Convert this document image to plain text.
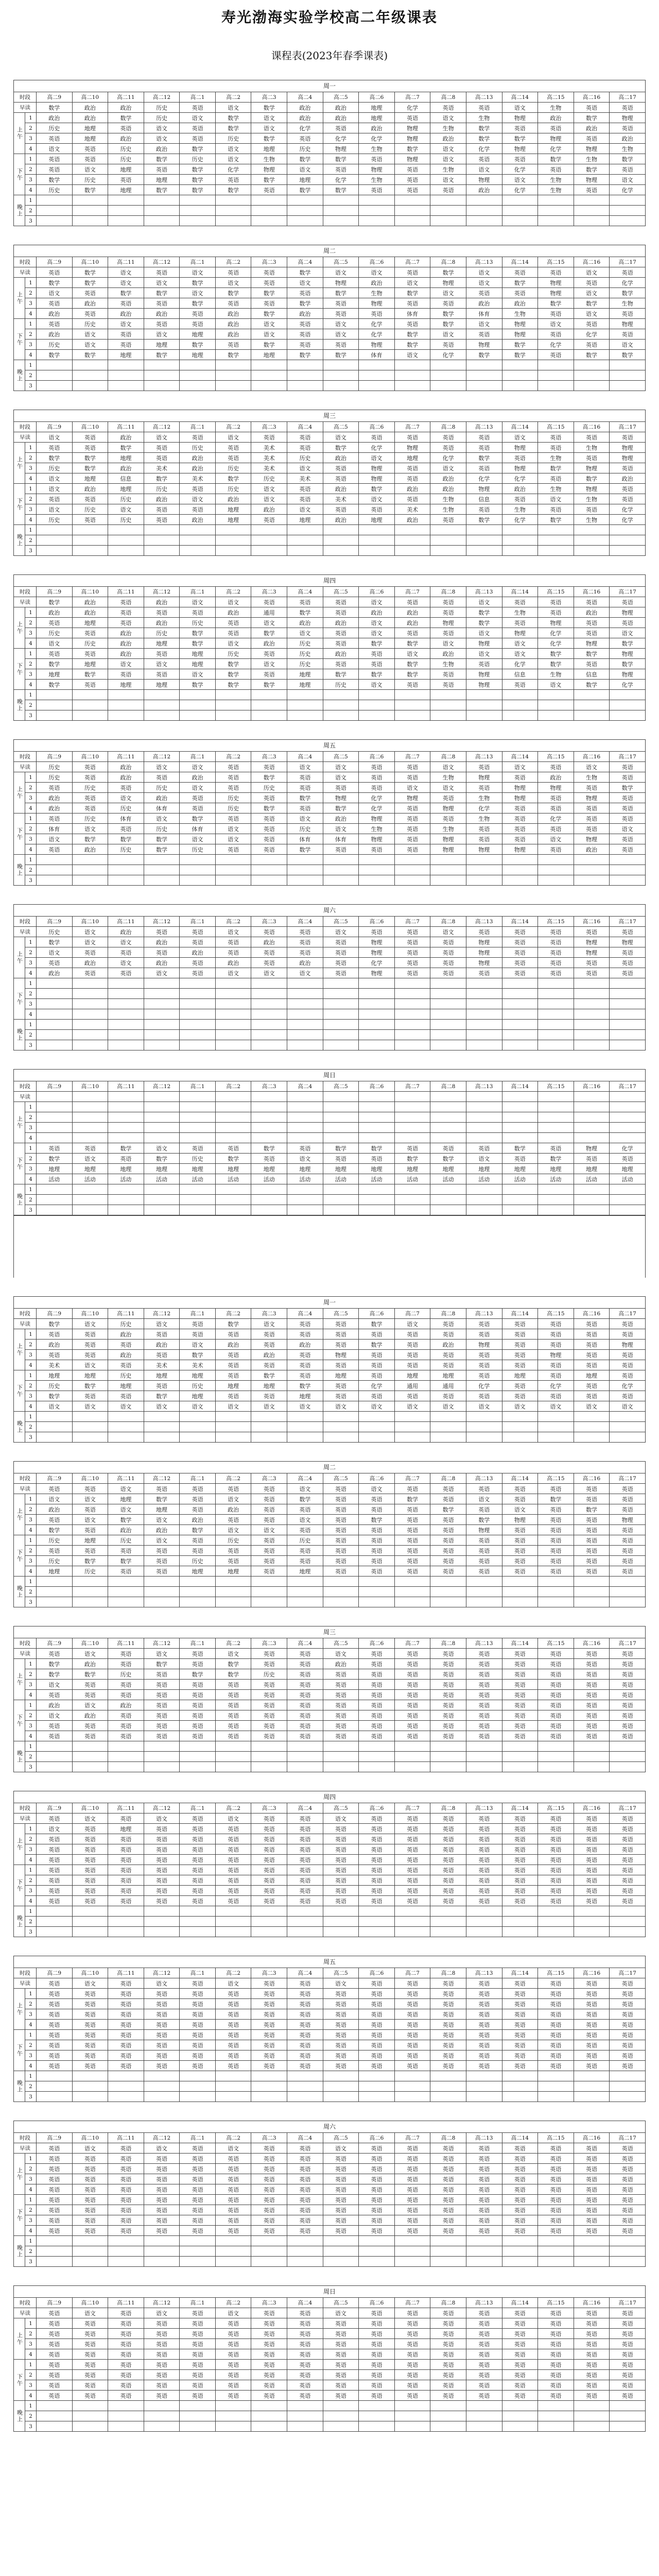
寿光渤海实验学校高二年级课表
课程表(2023年春季课表)
周一
时段		高二9	高二10	高二11	高二12	高二1	高二2	高二3	高二4	高二5	高二6	高二7	高二8	高二13	高二14	高二15	高二16	高二17
早读		数学	政治	政治	历史	英语	语文	数学	政治	政治	地理	化学	英语	英语	语文	生物	英语	英语
上午	1	政治	政治	数学	历史	语文	数学	语文	政治	政治	地理	英语	语文	生物	物理	政治	数学	物理
	2	历史	地理	英语	语文	英语	数学	语文	化学	英语	政治	物理	生物	数学	英语	英语	政治	英语
	3	英语	地理	政治	语文	英语	历史	数学	英语	化学	化学	物理	政治	数学	数学	物理	英语	政治
	4	语文	英语	历史	政治	数学	语文	地理	历史	物理	生物	数学	语文	化学	物理	化学	物理	生物
下午	1	英语	英语	历史	数学	历史	语文	生物	数学	数学	英语	物理	语文	英语	英语	数学	生物	数学
	2	英语	语文	地理	英语	数学	化学	物理	语文	英语	物理	英语	生物	语文	化学	英语	数学	英语
	3	数学	历史	英语	地理	数学	英语	数学	地理	化学	生物	英语	语文	物理	语文	生物	物理	语文
	4	历史	数学	地理	数学	数学	数学	英语	数学	数学	英语	英语	英语	政治	化学	生物	英语	化学
晚上	1																	
	2																	
	3																	
周二
时段		高二9	高二10	高二11	高二12	高二1	高二2	高二3	高二4	高二5	高二6	高二7	高二8	高二13	高二14	高二15	高二16	高二17
早读		英语	数学	语文	英语	语文	英语	英语	数学	语文	语文	英语	数学	语文	英语	英语	语文	英语
上午	1	数学	数学	语文	语文	数学	语文	英语	语文	物理	政治	语文	物理	语文	数学	物理	英语	化学
	2	语文	英语	数学	数学	语文	数学	数学	英语	数学	生物	数学	语文	英语	英语	物理	语文	数学
	3	英语	政治	英语	英语	数学	英语	英语	数学	英语	物理	英语	英语	政治	政治	数学	数学	生物
	4	政治	英语	政治	政治	英语	政治	数学	政治	英语	英语	体育	数学	体育	生物	英语	语文	英语
下午	1	英语	历史	语文	英语	英语	政治	语文	英语	语文	化学	英语	数学	语文	物理	语文	英语	物理
	2	政治	语文	英语	语文	地理	政治	语文	英语	语文	化学	数学	语文	英语	物理	英语	化学	英语
	3	历史	语文	英语	地理	数学	英语	数学	英语	英语	物理	数学	英语	物理	数学	化学	英语	语文
	4	数学	数学	地理	数学	地理	数学	地理	数学	数学	体育	语文	化学	数学	数学	英语	数学	数学
晚上	1																	
	2																	
	3																	
周三
时段		高二9	高二10	高二11	高二12	高二1	高二2	高二3	高二4	高二5	高二6	高二7	高二8	高二13	高二14	高二15	高二16	高二17
早读		语文	英语	政治	语文	英语	语文	英语	英语	语文	英语	英语	英语	英语	语文	英语	英语	英语
上午	1	英语	英语	数学	英语	历史	英语	美术	英语	数学	化学	物理	英语	英语	物理	英语	生物	物理
	2	数学	数学	地理	英语	政治	英语	美术	历史	政治	语文	地理	化学	数学	英语	生物	英语	物理
	3	历史	数学	政治	美术	政治	历史	美术	语文	英语	物理	英语	语文	英语	物理	数学	物理	英语
	4	语文	地理	信息	数学	美术	数学	历史	美术	英语	物理	英语	政治	化学	化学	英语	数学	政治
下午	1	语文	政治	地理	历史	英语	历史	语文	英语	政治	数学	政治	政治	物理	政治	生物	物理	英语
	2	英语	英语	历史	政治	语文	政治	语文	英语	美术	语文	英语	生物	信息	英语	语文	生物	英语
	3	语文	历史	语文	英语	英语	地理	政治	语文	英语	英语	美术	生物	英语	生物	英语	英语	化学
	4	历史	英语	历史	英语	政治	地理	英语	地理	政治	地理	政治	英语	数学	化学	数学	生物	化学
晚上	1																	
	2																	
	3																	
周四
时段		高二9	高二10	高二11	高二12	高二1	高二2	高二3	高二4	高二5	高二6	高二7	高二8	高二13	高二14	高二15	高二16	高二17
早读		数学	政治	英语	政治	语文	语文	英语	英语	英语	语文	英语	英语	语文	英语	英语	英语	英语
上午	1	政治	政治	英语	英语	英语	政治	通用	数学	英语	政治	政治	英语	数学	生物	英语	政治	物理
	2	英语	地理	英语	政治	历史	英语	语文	政治	政治	语文	政治	物理	数学	英语	物理	英语	英语
	3	历史	英语	政治	历史	数学	英语	数学	语文	英语	语文	英语	英语	语文	物理	化学	英语	语文
	4	语文	历史	政治	地理	数学	语文	政治	历史	英语	数学	数学	语文	物理	语文	化学	物理	数学
下午	1	英语	英语	政治	英语	地理	历史	英语	历史	政治	英语	语文	政治	语文	语文	数学	数学	物理
	2	数学	地理	语文	语文	地理	数学	语文	历史	英语	英语	数学	生物	英语	化学	数学	英语	数学
	3	地理	数学	英语	英语	语文	数学	英语	地理	数学	数学	数学	英语	物理	信息	生物	信息	物理
	4	数学	英语	地理	地理	数学	数学	数学	地理	历史	语文	英语	英语	物理	英语	语文	数学	化学
晚上	1																	
	2																	
	3																	
周五
时段		高二9	高二10	高二11	高二12	高二1	高二2	高二3	高二4	高二5	高二6	高二7	高二8	高二13	高二14	高二15	高二16	高二17
早读		历史	英语	政治	语文	语文	英语	英语	语文	语文	英语	英语	语文	英语	语文	英语	语文	英语
上午	1	历史	英语	政治	英语	政治	英语	数学	英语	语文	英语	英语	生物	物理	英语	政治	生物	英语
	2	英语	历史	英语	历史	语文	英语	历史	英语	英语	英语	语文	语文	英语	物理	物理	英语	数学
	3	政治	英语	语文	政治	英语	历史	英语	数学	物理	化学	物理	英语	生物	物理	英语	物理	英语
	4	政治	英语	历史	体育	英语	历史	数学	英语	数学	化学	英语	物理	化学	英语	英语	英语	英语
下午	1	英语	历史	体育	语文	数学	英语	英语	语文	政治	物理	英语	英语	生物	英语	化学	英语	英语
	2	体育	语文	英语	历史	体育	语文	英语	历史	语文	生物	英语	生物	英语	英语	英语	英语	语文
	3	语文	数学	数学	数学	语文	语文	英语	体育	体育	物理	英语	物理	英语	英语	语文	物理	英语
	4	英语	政治	历史	数学	历史	英语	英语	数学	英语	英语	英语	物理	物理	物理	英语	政治	英语
晚上	1																	
	2																	
	3																	
周六
时段		高二9	高二10	高二11	高二12	高二1	高二2	高二3	高二4	高二5	高二6	高二7	高二8	高二13	高二14	高二15	高二16	高二17
早读		历史	语文	政治	英语	英语	语文	英语	英语	语文	英语	英语	语文	英语	英语	英语	英语	英语
上午	1	数学	语文	语文	政治	英语	英语	政治	英语	英语	物理	英语	英语	物理	英语	英语	物理	物理
	2	语文	英语	英语	英语	政治	英语	英语	英语	英语	物理	英语	英语	物理	英语	英语	物理	英语
	3	英语	政治	语文	政治	英语	政治	英语	政治	英语	化学	英语	英语	物理	英语	英语	英语	英语
	4	政治	英语	英语	语文	英语	语文	语文	语文	英语	物理	英语	英语	英语	英语	英语	英语	英语
下午	1																	
	2																	
	3																	
	4																	
晚上	1																	
	2																	
	3																	
周日
时段		高二9	高二10	高二11	高二12	高二1	高二2	高二3	高二4	高二5	高二6	高二7	高二8	高二13	高二14	高二15	高二16	高二17
早读																		
上午	1																	
	2																	
	3																	
	4																	
下午	1	英语	英语	数学	语文	英语	英语	数学	英语	数学	数学	英语	英语	英语	数学	英语	物理	化学
	2	数学	语文	英语	数学	历史	数学	英语	语文	英语	英语	数学	数学	语文	英语	数学	英语	英语
	3	地理	地理	地理	地理	地理	地理	地理	地理	地理	地理	地理	地理	地理	地理	地理	地理	地理
	4	活动	活动	活动	活动	活动	活动	活动	活动	活动	活动	活动	活动	活动	活动	活动	活动	活动
晚上	1																	
	2																	
	3																	
周一
时段		高二9	高二10	高二11	高二12	高二1	高二2	高二3	高二4	高二5	高二6	高二7	高二8	高二13	高二14	高二15	高二16	高二17
早读		数学	语文	历史	语文	英语	数学	语文	英语	英语	数学	语文	英语	英语	英语	英语	英语	英语
上午	1	英语	英语	政治	英语	英语	英语	英语	英语	英语	英语	英语	英语	英语	英语	英语	英语	英语
	2	政治	英语	英语	政治	语文	政治	英语	政治	英语	数学	英语	政治	物理	英语	英语	英语	物理
	3	英语	英语	政治	英语	数学	英语	政治	英语	物理	英语	英语	英语	英语	英语	物理	英语	英语
	4	美术	语文	英语	美术	美术	英语	英语	英语	英语	英语	英语	英语	英语	英语	英语	英语	英语
下午	1	地理	地理	历史	地理	地理	英语	数学	英语	地理	英语	地理	地理	英语	地理	英语	地理	英语
	2	历史	数学	地理	英语	历史	地理	地理	数学	英语	化学	通用	通用	化学	英语	化学	英语	化学
	3	数学	英语	英语	数学	地理	英语	英语	地理	英语	英语	英语	英语	英语	英语	英语	英语	英语
	4	语文	语文	语文	语文	语文	语文	语文	语文	语文	语文	语文	语文	语文	语文	语文	语文	语文
晚上	1																	
	2																	
	3																	
周二
时段		高二9	高二10	高二11	高二12	高二1	高二2	高二3	高二4	高二5	高二6	高二7	高二8	高二13	高二14	高二15	高二16	高二17
早读		英语	英语	语文	英语	英语	英语	英语	语文	英语	语文	英语	英语	英语	英语	英语	英语	英语
上午	1	语文	语文	地理	数学	英语	语文	英语	数学	英语	英语	数学	英语	语文	英语	数学	英语	英语
	2	政治	英语	语文	地理	英语	政治	英语	英语	英语	英语	英语	数学	英语	语文	英语	数学	英语
	3	英语	语文	数学	语文	政治	英语	英语	语文	英语	数学	英语	英语	数学	物理	英语	英语	物理
	4	数学	英语	政治	政治	数学	语文	语文	英语	英语	英语	英语	英语	物理	英语	英语	英语	英语
下午	1	历史	地理	历史	语文	英语	历史	英语	历史	英语	英语	英语	英语	英语	英语	英语	英语	英语
	2	英语	英语	英语	英语	英语	英语	英语	英语	英语	英语	英语	英语	英语	英语	英语	英语	英语
	3	历史	数学	数学	英语	历史	英语	英语	英语	英语	英语	英语	英语	英语	英语	英语	英语	英语
	4	地理	历史	英语	英语	地理	地理	英语	地理	英语	英语	英语	英语	英语	英语	英语	英语	英语
晚上	1																	
	2																	
	3																	
周三
时段		高二9	高二10	高二11	高二12	高二1	高二2	高二3	高二4	高二5	高二6	高二7	高二8	高二13	高二14	高二15	高二16	高二17
早读		英语	语文	英语	语文	英语	语文	英语	英语	语文	英语	英语	英语	英语	英语	英语	英语	英语
上午	1	数学	政治	英语	数学	英语	数学	英语	英语	政治	英语	英语	英语	英语	英语	英语	英语	英语
	2	数学	数学	历史	英语	数学	数学	历史	英语	英语	英语	英语	英语	英语	英语	英语	英语	英语
	3	语文	英语	英语	英语	英语	英语	英语	英语	英语	英语	英语	英语	英语	英语	英语	英语	英语
	4	英语	英语	英语	英语	英语	英语	英语	英语	英语	英语	英语	英语	英语	英语	英语	英语	英语
下午	1	政治	语文	政治	英语	英语	英语	英语	英语	英语	英语	英语	英语	英语	英语	英语	英语	英语
	2	语文	政治	英语	英语	英语	英语	英语	英语	英语	英语	英语	英语	英语	英语	英语	英语	英语
	3	英语	英语	英语	英语	英语	英语	英语	英语	英语	英语	英语	英语	英语	英语	英语	英语	英语
	4	英语	英语	英语	英语	英语	英语	英语	英语	英语	英语	英语	英语	英语	英语	英语	英语	英语
晚上	1																	
	2																	
	3																	
周四
时段		高二9	高二10	高二11	高二12	高二1	高二2	高二3	高二4	高二5	高二6	高二7	高二8	高二13	高二14	高二15	高二16	高二17
早读		英语	语文	英语	语文	英语	语文	英语	英语	语文	英语	英语	英语	英语	英语	英语	英语	英语
上午	1	语文	英语	地理	英语	英语	英语	英语	英语	英语	英语	英语	英语	英语	英语	英语	英语	英语
	2	英语	英语	英语	英语	英语	英语	英语	英语	英语	英语	英语	英语	英语	英语	英语	英语	英语
	3	英语	英语	英语	英语	英语	英语	英语	英语	英语	英语	英语	英语	英语	英语	英语	英语	英语
	4	英语	英语	英语	英语	英语	英语	英语	英语	英语	英语	英语	英语	英语	英语	英语	英语	英语
下午	1	英语	英语	英语	英语	英语	英语	英语	英语	英语	英语	英语	英语	英语	英语	英语	英语	英语
	2	英语	英语	英语	英语	英语	英语	英语	英语	英语	英语	英语	英语	英语	英语	英语	英语	英语
	3	英语	英语	英语	英语	英语	英语	英语	英语	英语	英语	英语	英语	英语	英语	英语	英语	英语
	4	英语	英语	英语	英语	英语	英语	英语	英语	英语	英语	英语	英语	英语	英语	英语	英语	英语
晚上	1																	
	2																	
	3																	
周五
时段		高二9	高二10	高二11	高二12	高二1	高二2	高二3	高二4	高二5	高二6	高二7	高二8	高二13	高二14	高二15	高二16	高二17
早读		英语	语文	英语	语文	英语	语文	英语	英语	语文	英语	英语	英语	英语	英语	英语	英语	英语
上午	1	英语	英语	英语	英语	英语	英语	英语	英语	英语	英语	英语	英语	英语	英语	英语	英语	英语
	2	英语	英语	英语	英语	英语	英语	英语	英语	英语	英语	英语	英语	英语	英语	英语	英语	英语
	3	英语	英语	英语	英语	英语	英语	英语	英语	英语	英语	英语	英语	英语	英语	英语	英语	英语
	4	英语	英语	英语	英语	英语	英语	英语	英语	英语	英语	英语	英语	英语	英语	英语	英语	英语
下午	1	英语	英语	英语	英语	英语	英语	英语	英语	英语	英语	英语	英语	英语	英语	英语	英语	英语
	2	英语	英语	英语	英语	英语	英语	英语	英语	英语	英语	英语	英语	英语	英语	英语	英语	英语
	3	英语	英语	英语	英语	英语	英语	英语	英语	英语	英语	英语	英语	英语	英语	英语	英语	英语
	4	英语	英语	英语	英语	英语	英语	英语	英语	英语	英语	英语	英语	英语	英语	英语	英语	英语
晚上	1																	
	2																	
	3																	
周六
时段		高二9	高二10	高二11	高二12	高二1	高二2	高二3	高二4	高二5	高二6	高二7	高二8	高二13	高二14	高二15	高二16	高二17
早读		英语	语文	英语	语文	英语	语文	英语	英语	语文	英语	英语	英语	英语	英语	英语	英语	英语
上午	1	英语	英语	英语	英语	英语	英语	英语	英语	英语	英语	英语	英语	英语	英语	英语	英语	英语
	2	英语	英语	英语	英语	英语	英语	英语	英语	英语	英语	英语	英语	英语	英语	英语	英语	英语
	3	英语	英语	英语	英语	英语	英语	英语	英语	英语	英语	英语	英语	英语	英语	英语	英语	英语
	4	英语	英语	英语	英语	英语	英语	英语	英语	英语	英语	英语	英语	英语	英语	英语	英语	英语
下午	1	英语	英语	英语	英语	英语	英语	英语	英语	英语	英语	英语	英语	英语	英语	英语	英语	英语
	2	英语	英语	英语	英语	英语	英语	英语	英语	英语	英语	英语	英语	英语	英语	英语	英语	英语
	3	英语	英语	英语	英语	英语	英语	英语	英语	英语	英语	英语	英语	英语	英语	英语	英语	英语
	4	英语	英语	英语	英语	英语	英语	英语	英语	英语	英语	英语	英语	英语	英语	英语	英语	英语
晚上	1																	
	2																	
	3																	
周日
时段		高二9	高二10	高二11	高二12	高二1	高二2	高二3	高二4	高二5	高二6	高二7	高二8	高二13	高二14	高二15	高二16	高二17
早读		英语	语文	英语	语文	英语	语文	英语	英语	语文	英语	英语	英语	英语	英语	英语	英语	英语
上午	1	英语	英语	英语	英语	英语	英语	英语	英语	英语	英语	英语	英语	英语	英语	英语	英语	英语
	2	英语	英语	英语	英语	英语	英语	英语	英语	英语	英语	英语	英语	英语	英语	英语	英语	英语
	3	英语	英语	英语	英语	英语	英语	英语	英语	英语	英语	英语	英语	英语	英语	英语	英语	英语
	4	英语	英语	英语	英语	英语	英语	英语	英语	英语	英语	英语	英语	英语	英语	英语	英语	英语
下午	1	英语	英语	英语	英语	英语	英语	英语	英语	英语	英语	英语	英语	英语	英语	英语	英语	英语
	2	英语	英语	英语	英语	英语	英语	英语	英语	英语	英语	英语	英语	英语	英语	英语	英语	英语
	3	英语	英语	英语	英语	英语	英语	英语	英语	英语	英语	英语	英语	英语	英语	英语	英语	英语
	4	英语	英语	英语	英语	英语	英语	英语	英语	英语	英语	英语	英语	英语	英语	英语	英语	英语
晚上	1																	
	2																	
	3																	
